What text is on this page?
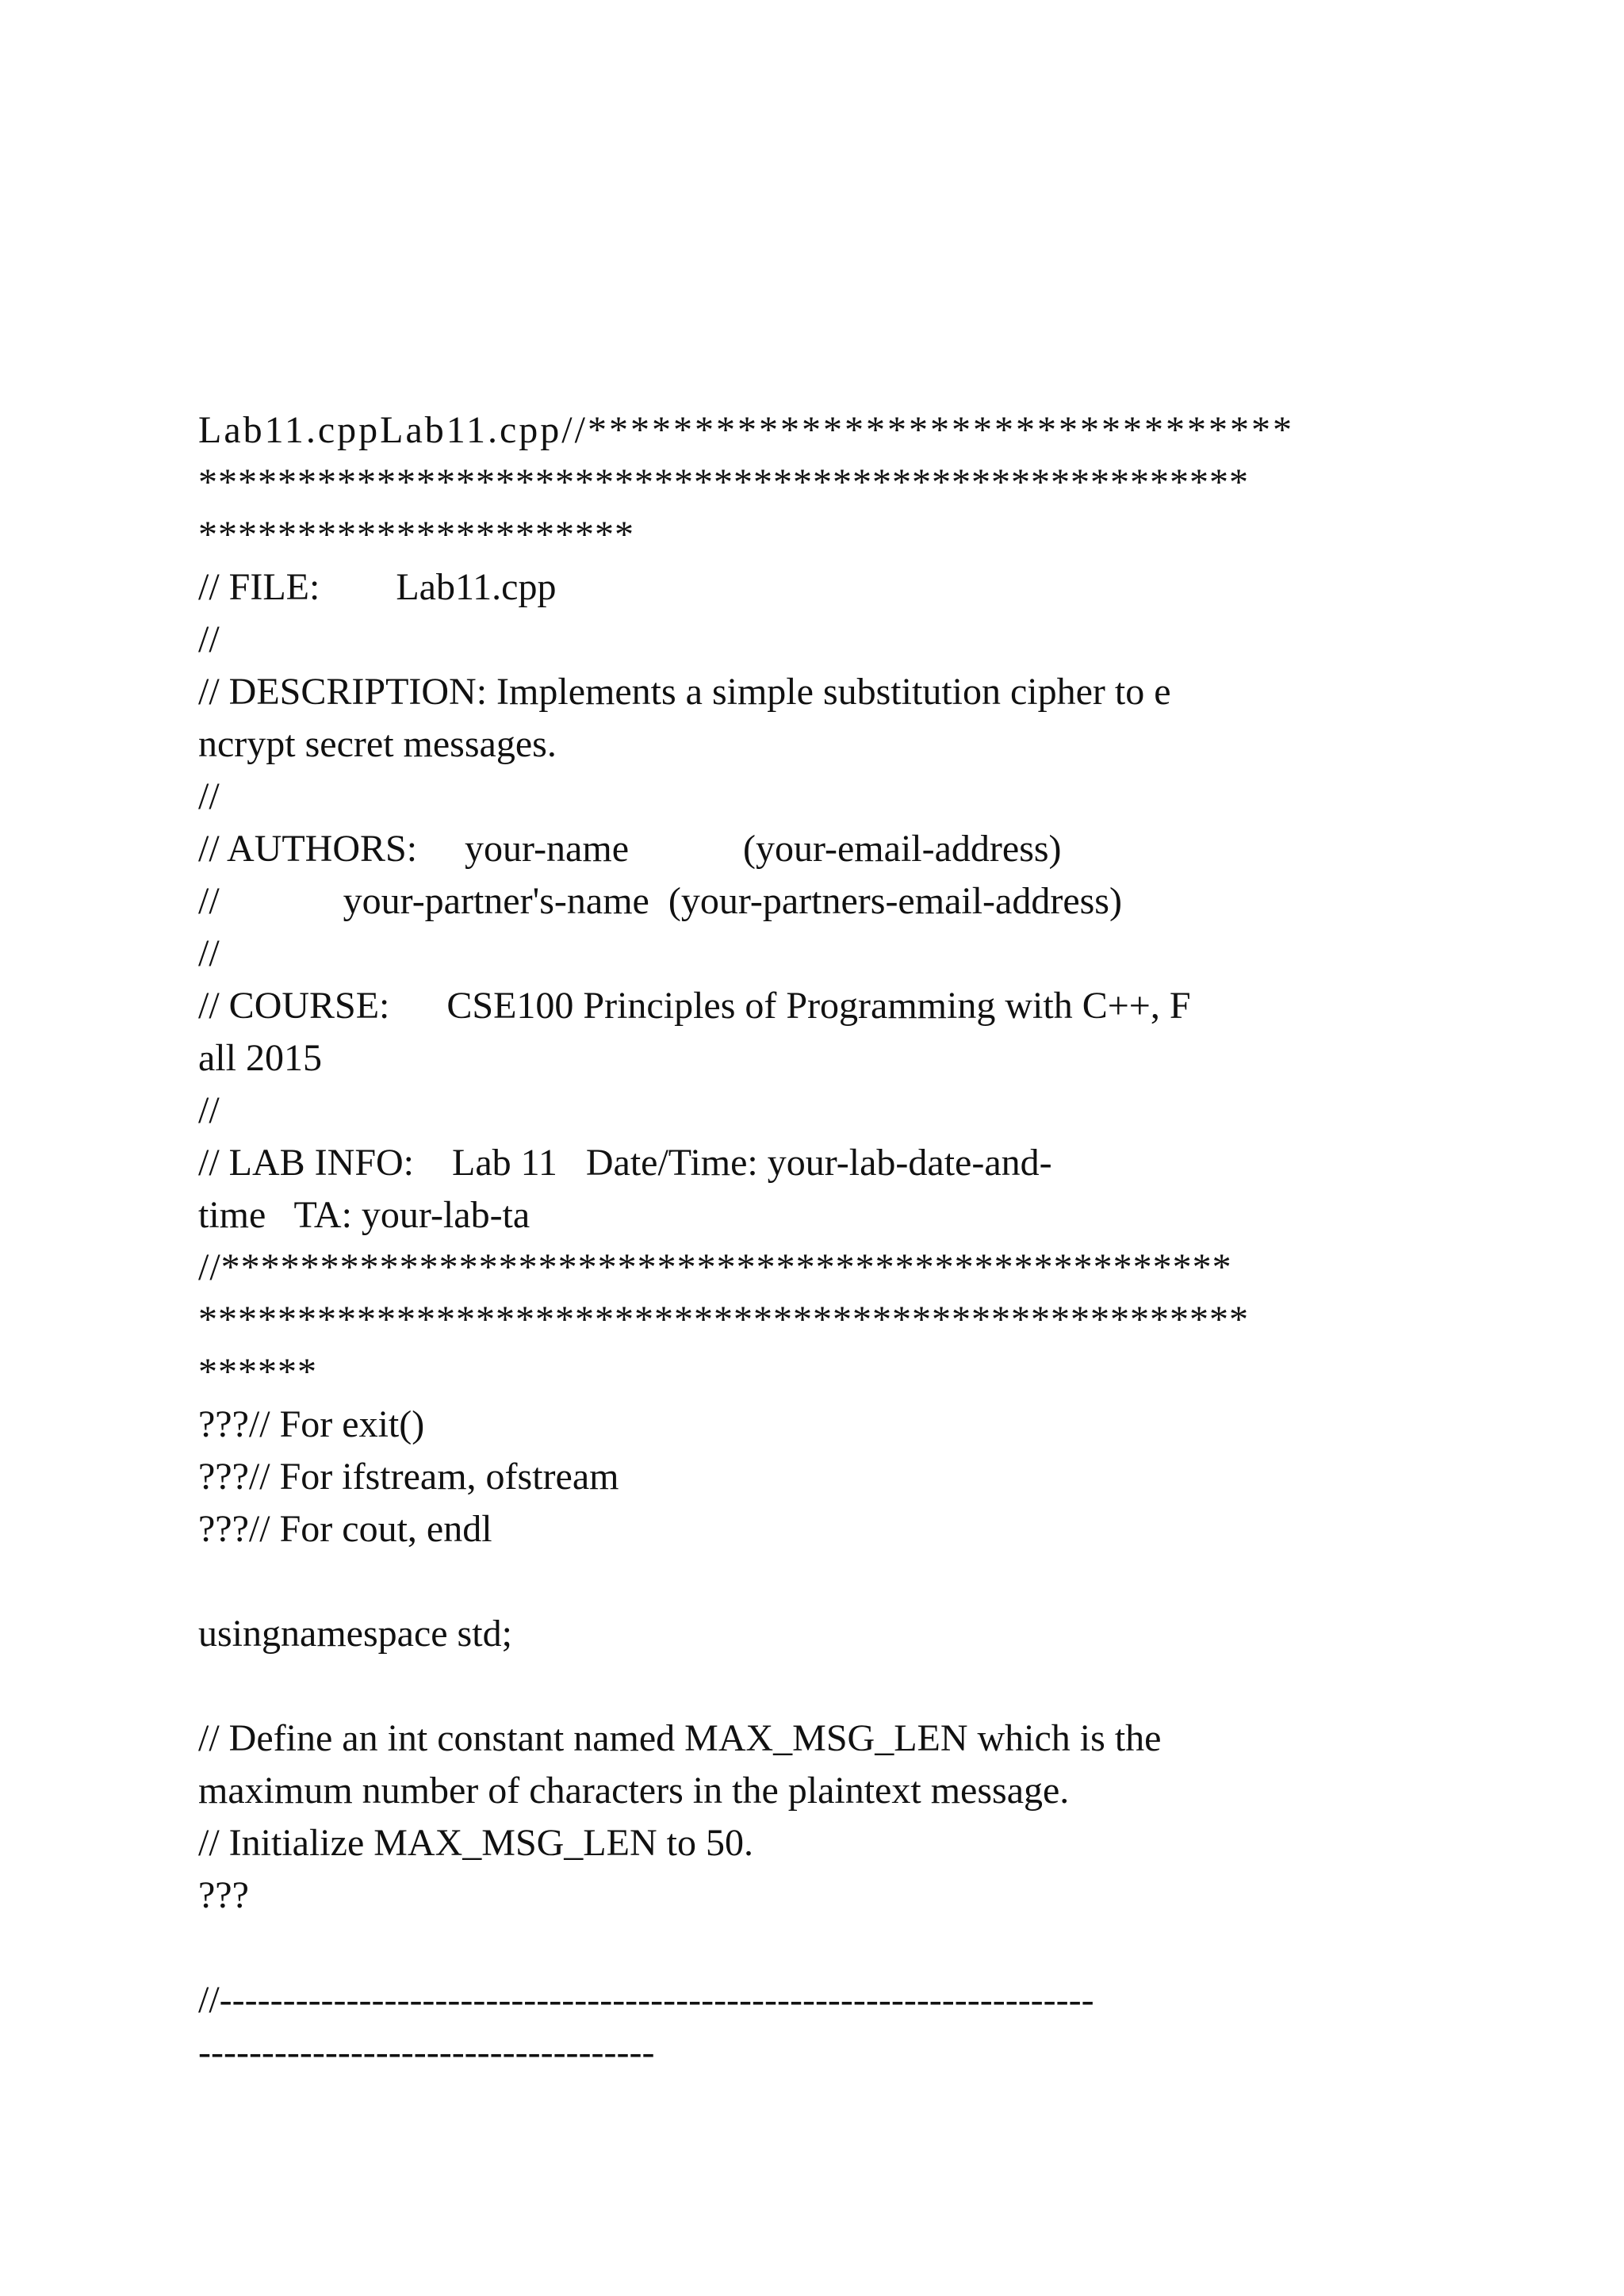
Lab11.cppLab11.cpp//*********************************
*****************************************************
**********************
// FILE:        Lab11.cpp
//
// DESCRIPTION: Implements a simple substitution cipher to e
ncrypt secret messages.
//
// AUTHORS:     your-name            (your-email-address)
//             your-partner's-name  (your-partners-email-address)
//
// COURSE:      CSE100 Principles of Programming with C++, F
all 2015
//
// LAB INFO:    Lab 11   Date/Time: your-lab-date-and-
time   TA: your-lab-ta
//***************************************************
*****************************************************
******
???// For exit()
???// For ifstream, ofstream
???// For cout, endl
usingnamespace std;
// Define an int constant named MAX_MSG_LEN which is the
maximum number of characters in the plaintext message.
// Initialize MAX_MSG_LEN to 50.
???
//---------------------------------------------------------------------
------------------------------------
